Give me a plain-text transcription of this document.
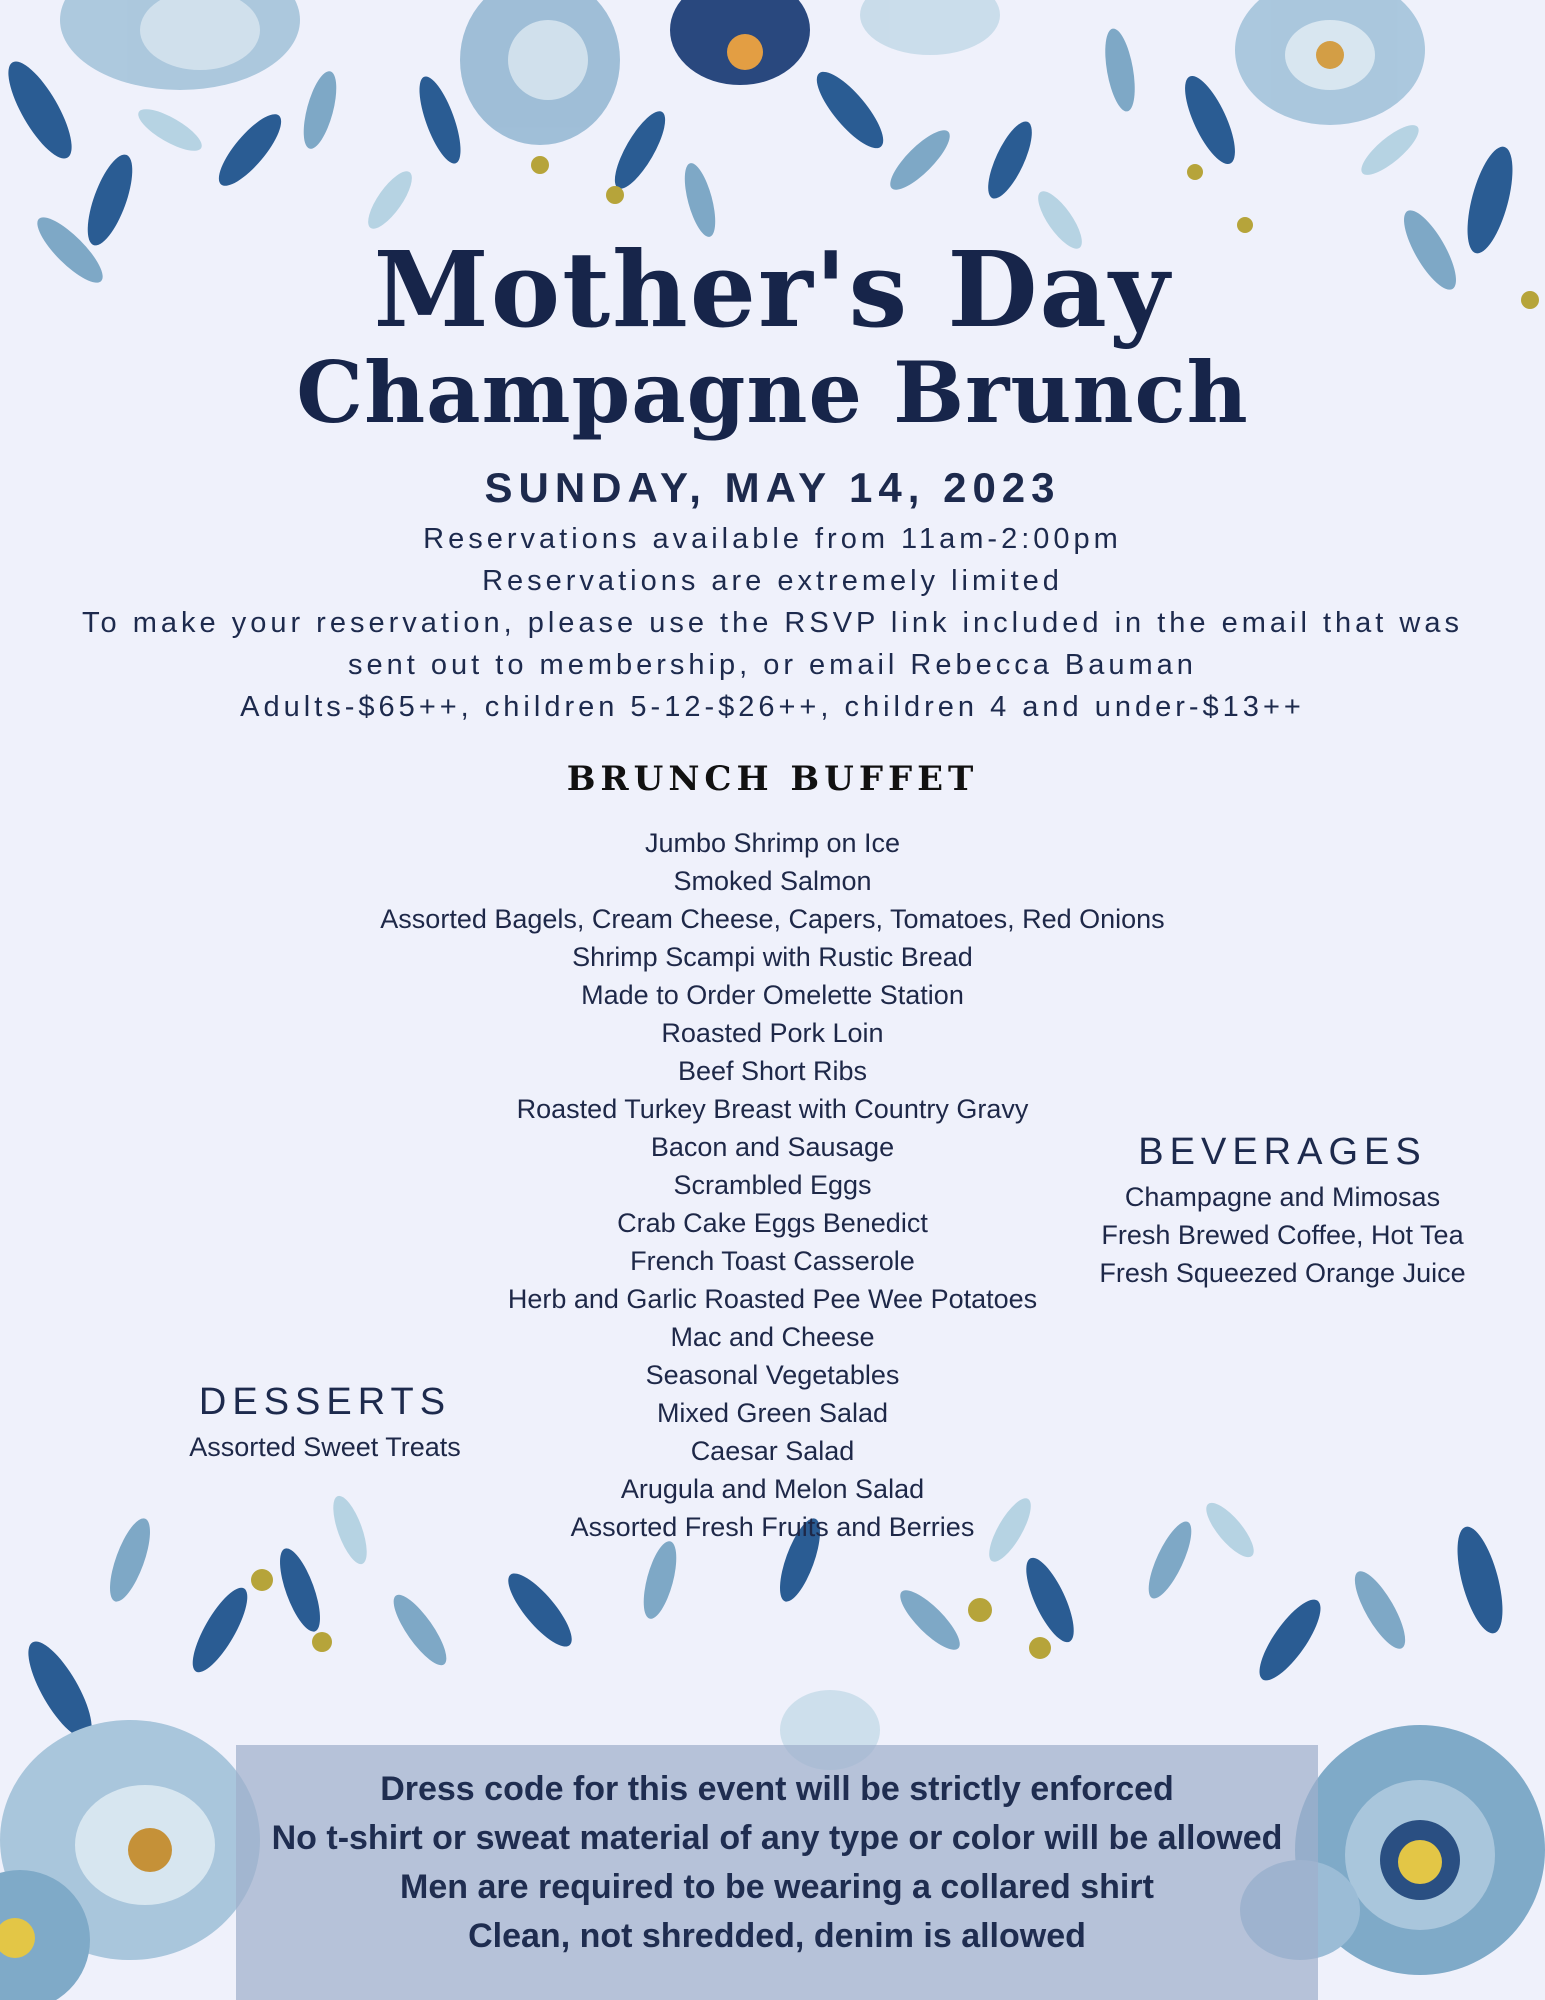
Mother's Day
Champagne Brunch
SUNDAY, MAY 14, 2023
Reservations available from 11am-2:00pm
Reservations are extremely limited
To make your reservation, please use the RSVP link included in the email that was
sent out to membership, or email Rebecca Bauman
Adults-$65++, children 5-12-$26++, children 4 and under-$13++
BRUNCH BUFFET
Jumbo Shrimp on Ice
Smoked Salmon
Assorted Bagels, Cream Cheese, Capers, Tomatoes, Red Onions
Shrimp Scampi with Rustic Bread
Made to Order Omelette Station
Roasted Pork Loin
Beef Short Ribs
Roasted Turkey Breast with Country Gravy
Bacon and Sausage
Scrambled Eggs
Crab Cake Eggs Benedict
French Toast Casserole
Herb and Garlic Roasted Pee Wee Potatoes
Mac and Cheese
Seasonal Vegetables
Mixed Green Salad
Caesar Salad
Arugula and Melon Salad
Assorted Fresh Fruits and Berries
BEVERAGES
Champagne and Mimosas
Fresh Brewed Coffee, Hot Tea
Fresh Squeezed Orange Juice
DESSERTS
Assorted Sweet Treats
Dress code for this event will be strictly enforced
No t-shirt or sweat material of any type or color will be allowed
Men are required to be wearing a collared shirt
Clean, not shredded, denim is allowed
